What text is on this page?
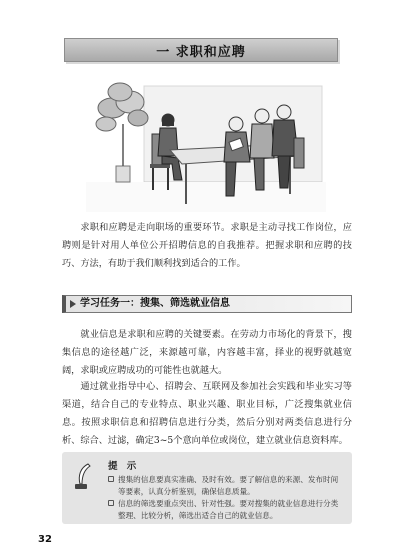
一 求职和应聘

求职和应聘是走向职场的重要环节。求职是主动寻找工作岗位，应聘则是针对用人单位公开招聘信息的自我推荐。把握求职和应聘的技巧、方法，有助于我们顺利找到适合的工作。

学习任务一：搜集、筛选就业信息

就业信息是求职和应聘的关键要素。在劳动力市场化的背景下，搜集信息的途径越广泛，来源越可靠，内容越丰富，择业的视野就越宽阔，求职或应聘成功的可能性也就越大。

通过就业指导中心、招聘会、互联网及参加社会实践和毕业实习等渠道，结合自己的专业特点、职业兴趣、职业目标，广泛搜集就业信息。按照求职信息和招聘信息进行分类，然后分别对两类信息进行分析、综合、过滤，确定3~5个意向单位或岗位，建立就业信息资料库。

提 示
搜集的信息要真实准确、及时有效。要了解信息的来源、发布时间等要素，认真分析鉴别，确保信息质量。
信息的筛选要重点突出、针对性强。要对搜集的就业信息进行分类整理、比较分析，筛选出适合自己的就业信息。
32
